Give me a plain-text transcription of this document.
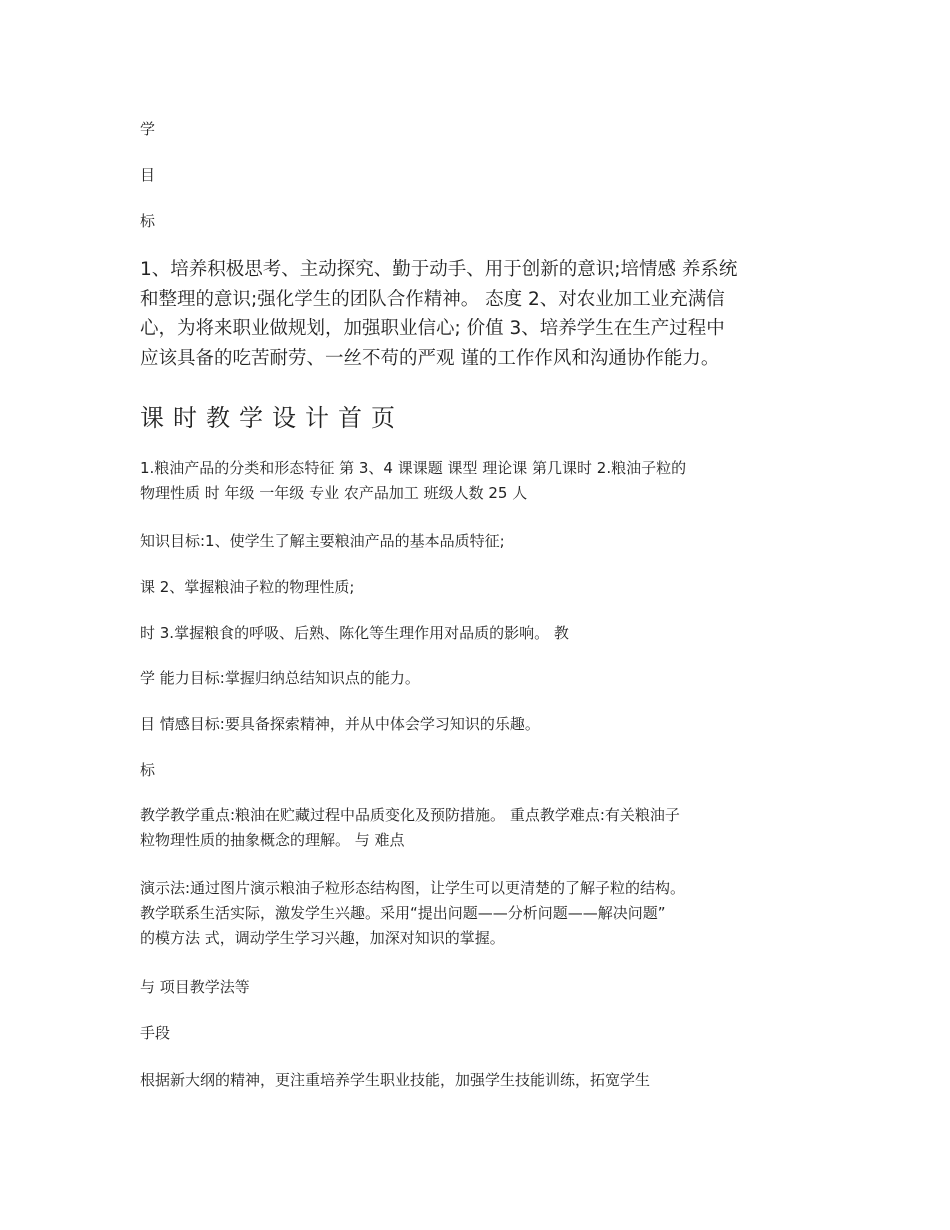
学
目
标
1、培养积极思考、主动探究、勤于动手、用于创新的意识;培情感 养系统
和整理的意识;强化学生的团队合作精神。 态度 2、对农业加工业充满信
心，为将来职业做规划，加强职业信心; 价值 3、培养学生在生产过程中
应该具备的吃苦耐劳、一丝不苟的严观 谨的工作作风和沟通协作能力。
课时教学设计首页
1.粮油产品的分类和形态特征 第 3、4 课课题 课型 理论课 第几课时 2.粮油子粒的
物理性质 时 年级 一年级 专业 农产品加工 班级人数 25 人
知识目标:1、使学生了解主要粮油产品的基本品质特征;
课 2、掌握粮油子粒的物理性质;
时 3.掌握粮食的呼吸、后熟、陈化等生理作用对品质的影响。 教
学 能力目标:掌握归纳总结知识点的能力。
目 情感目标:要具备探索精神，并从中体会学习知识的乐趣。
标
教学教学重点:粮油在贮藏过程中品质变化及预防措施。 重点教学难点:有关粮油子
粒物理性质的抽象概念的理解。 与 难点
演示法:通过图片演示粮油子粒形态结构图，让学生可以更清楚的了解子粒的结构。
教学联系生活实际，激发学生兴趣。采用“提出问题——分析问题——解决问题”
的模方法 式，调动学生学习兴趣，加深对知识的掌握。
与 项目教学法等
手段
根据新大纲的精神，更注重培养学生职业技能，加强学生技能训练，拓宽学生
